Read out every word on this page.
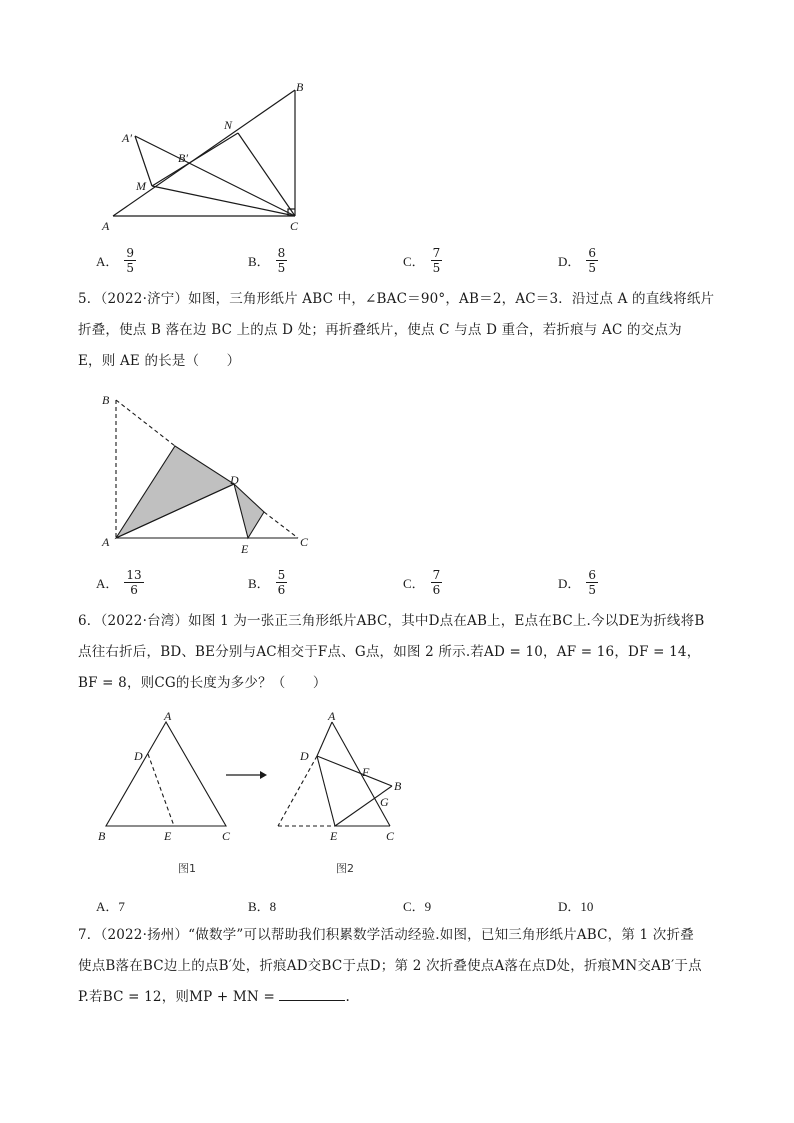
A
B
C
N
M
A′
B′
A． $\frac{9}{5}$	B． $\frac{8}{5}$	C． $\frac{7}{5}$	D． $\frac{6}{5}$
5．（2022·济宁）如图，三角形纸片 ABC 中，∠BAC＝90°，AB＝2，AC＝3．沿过点 A 的直线将纸片
折叠，使点 B 落在边 BC 上的点 D 处；再折叠纸片，使点 C 与点 D 重合，若折痕与 AC 的交点为
E，则 AE 的长是（　　）
B
A
D
E	C
A． $\frac{13}{6}$	B． $\frac{5}{6}$	C． $\frac{7}{6}$	D． $\frac{6}{5}$
6．（2022·台湾）如图 1 为一张正三角形纸片ABC，其中D点在AB上，E点在BC上.今以DE为折线将B
点往右折后，BD、BE分别与AC相交于F点、G点，如图 2 所示.若AD = 10，AF = 16，DF = 14，
BF = 8，则CG的长度为多少？（　　）
A
D
B	E	C
图1
A
D
F
B
G
E	C
图2
A．7	B．8	C．9	D．10
7．（2022·扬州）“做数学”可以帮助我们积累数学活动经验.如图，已知三角形纸片ABC，第 1 次折叠
使点B落在BC边上的点B′处，折痕AD交BC于点D；第 2 次折叠使点A落在点D处，折痕MN交AB′于点
P.若BC = 12，则MP + MN =	.
